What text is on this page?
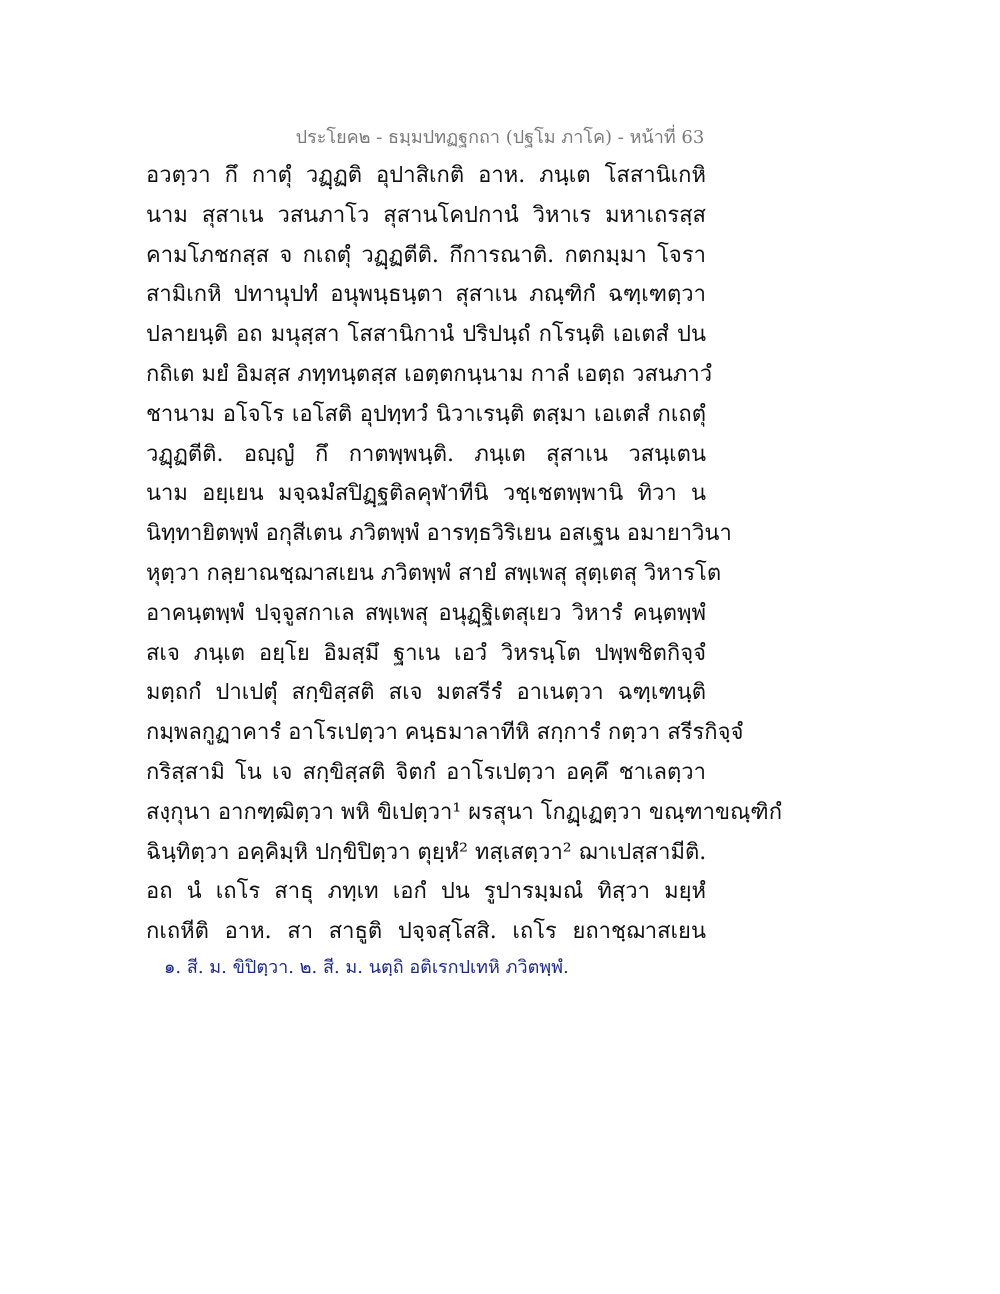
ประโยค๒ - ธมฺมปทฏฐกถา (ปฐโม ภาโค) - หน้าที่ 63
อวตฺวา กึ กาตุํ วฏฺฏติ อุปาสิเกติ อาห. ภนฺเต โสสานิเกหิ
นาม สุสาเน วสนภาโว สุสานโคปกานํ วิหาเร มหาเถรสฺส
คามโภชกสฺส จ กเถตุํ วฏฺฏตีติ. กึการณาติ. กตกมฺมา โจรา
สามิเกหิ ปทานุปทํ อนุพนฺธนฺตา สุสาเน ภณฺฑิกํ ฉฑฺเฑตฺวา
ปลายนฺติ อถ มนุสฺสา โสสานิกานํ ปริปนฺถํ กโรนฺติ เอเตสํ ปน
กถิเต มยํ อิมสฺส ภทฺทนฺตสฺส เอตฺตกนฺนาม กาลํ เอตฺถ วสนภาวํ
ชานาม อโจโร เอโสติ อุปทฺทวํ นิวาเรนฺติ ตสฺมา เอเตสํ กเถตุํ
วฏฺฏตีติ. อญฺญํ กึ กาตพฺพนฺติ. ภนฺเต สุสาเน วสนฺเตน
นาม อยฺเยน มจฺฉมํสปิฏฺฐติลคุฬาทีนิ วชฺเชตพฺพานิ ทิวา น
นิทฺทายิตพฺพํ อกุสีเตน ภวิตพฺพํ อารทฺธวิริเยน อสเฐน อมายาวินา
หุตฺวา กลฺยาณชฺฌาสเยน ภวิตพฺพํ สายํ สพฺเพสุ สุตฺเตสุ วิหารโต
อาคนฺตพฺพํ ปจฺจูสกาเล สพฺเพสุ อนุฏฺฐิเตสุเยว วิหารํ คนฺตพฺพํ
สเจ ภนฺเต อยฺโย อิมสฺมึ ฐาเน เอวํ วิหรนฺโต ปพฺพชิตกิจฺจํ
มตฺถกํ ปาเปตุํ สกฺขิสฺสติ สเจ มตสรีรํ อาเนตฺวา ฉฑฺเฑนฺติ
กมฺพลกูฏาคารํ อาโรเปตฺวา คนฺธมาลาทีหิ สกฺการํ กตฺวา สรีรกิจฺจํ
กริสฺสามิ โน เจ สกฺขิสฺสติ จิตกํ อาโรเปตฺวา อคฺคึ ชาเลตฺวา
สงฺกุนา อากฑฺฒิตฺวา พหิ ขิเปตฺวา¹ ผรสุนา โกฏฺเฏตฺวา ขณฺฑาขณฺฑิกํ
ฉินฺทิตฺวา อคฺคิมฺหิ ปกฺขิปิตฺวา ตุยฺหํ² ทสฺเสตฺวา² ฌาเปสฺสามีติ.
อถ นํ เถโร สาธุ ภทฺเท เอกํ ปน รูปารมฺมณํ ทิสฺวา มยฺหํ
กเถหีติ อาห. สา สาธูติ ปจฺจสฺโสสิ. เถโร ยถาชฺฌาสเยน
๑. สี. ม. ขิปิตฺวา. ๒. สี. ม. นตฺถิ อติเรกปเทหิ ภวิตพฺพํ.
